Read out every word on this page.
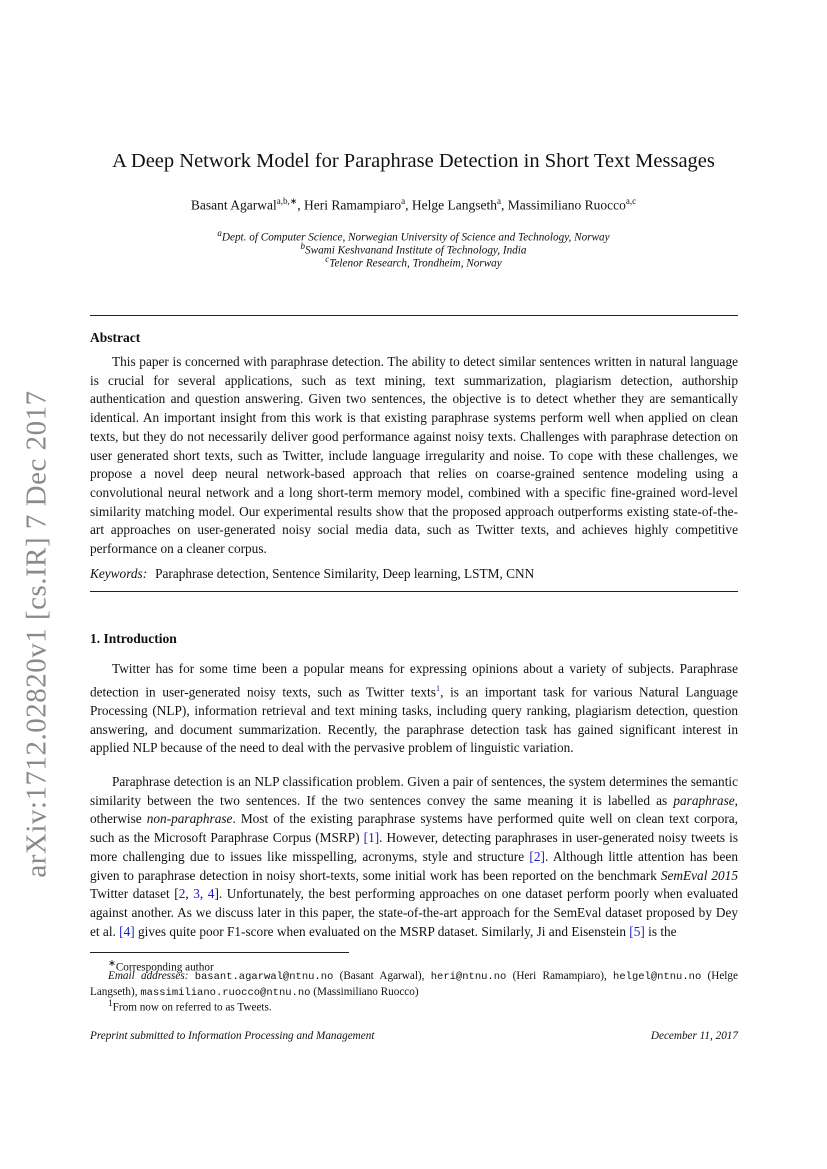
arXiv:1712.02820v1 [cs.IR] 7 Dec 2017
A Deep Network Model for Paraphrase Detection in Short Text Messages
Basant Agarwal$^{a,b,∗}$, Heri Ramampiaro$^a$, Helge Langseth$^a$, Massimiliano Ruocco$^{a,c}$
$^a$Dept. of Computer Science, Norwegian University of Science and Technology, Norway
$^b$Swami Keshvanand Institute of Technology, India
$^c$Telenor Research, Trondheim, Norway
Abstract
This paper is concerned with paraphrase detection. The ability to detect similar sentences written in natural language is crucial for several applications, such as text mining, text summarization, plagiarism detection, authorship authentication and question answering. Given two sentences, the objective is to detect whether they are semantically identical. An important insight from this work is that existing paraphrase systems perform well when applied on clean texts, but they do not necessarily deliver good performance against noisy texts. Challenges with paraphrase detection on user generated short texts, such as Twitter, include language irregularity and noise. To cope with these challenges, we propose a novel deep neural network-based approach that relies on coarse-grained sentence modeling using a convolutional neural network and a long short-term memory model, combined with a specific fine-grained word-level similarity matching model. Our experimental results show that the proposed approach outperforms existing state-of-the-art approaches on user-generated noisy social media data, such as Twitter texts, and achieves highly competitive performance on a cleaner corpus.
Keywords: Paraphrase detection, Sentence Similarity, Deep learning, LSTM, CNN
1. Introduction
Twitter has for some time been a popular means for expressing opinions about a variety of subjects. Paraphrase detection in user-generated noisy texts, such as Twitter texts$^1$, is an important task for various Natural Language Processing (NLP), information retrieval and text mining tasks, including query ranking, plagiarism detection, question answering, and document summarization. Recently, the paraphrase detection task has gained significant interest in applied NLP because of the need to deal with the pervasive problem of linguistic variation.
Paraphrase detection is an NLP classification problem. Given a pair of sentences, the system determines the semantic similarity between the two sentences. If the two sentences convey the same meaning it is labelled as paraphrase, otherwise non-paraphrase. Most of the existing paraphrase systems have performed quite well on clean text corpora, such as the Microsoft Paraphrase Corpus (MSRP) [1]. However, detecting paraphrases in user-generated noisy tweets is more challenging due to issues like misspelling, acronyms, style and structure [2]. Although little attention has been given to paraphrase detection in noisy short-texts, some initial work has been reported on the benchmark SemEval 2015 Twitter dataset [2, 3, 4]. Unfortunately, the best performing approaches on one dataset perform poorly when evaluated against another. As we discuss later in this paper, the state-of-the-art approach for the SemEval dataset proposed by Dey et al. [4] gives quite poor F1-score when evaluated on the MSRP dataset. Similarly, Ji and Eisenstein [5] is the
∗Corresponding author
Email addresses: basant.agarwal@ntnu.no (Basant Agarwal), heri@ntnu.no (Heri Ramampiaro), helgel@ntnu.no (Helge Langseth), massimiliano.ruocco@ntnu.no (Massimiliano Ruocco)
$^1$From now on referred to as Tweets.
Preprint submitted to Information Processing and Management	December 11, 2017
